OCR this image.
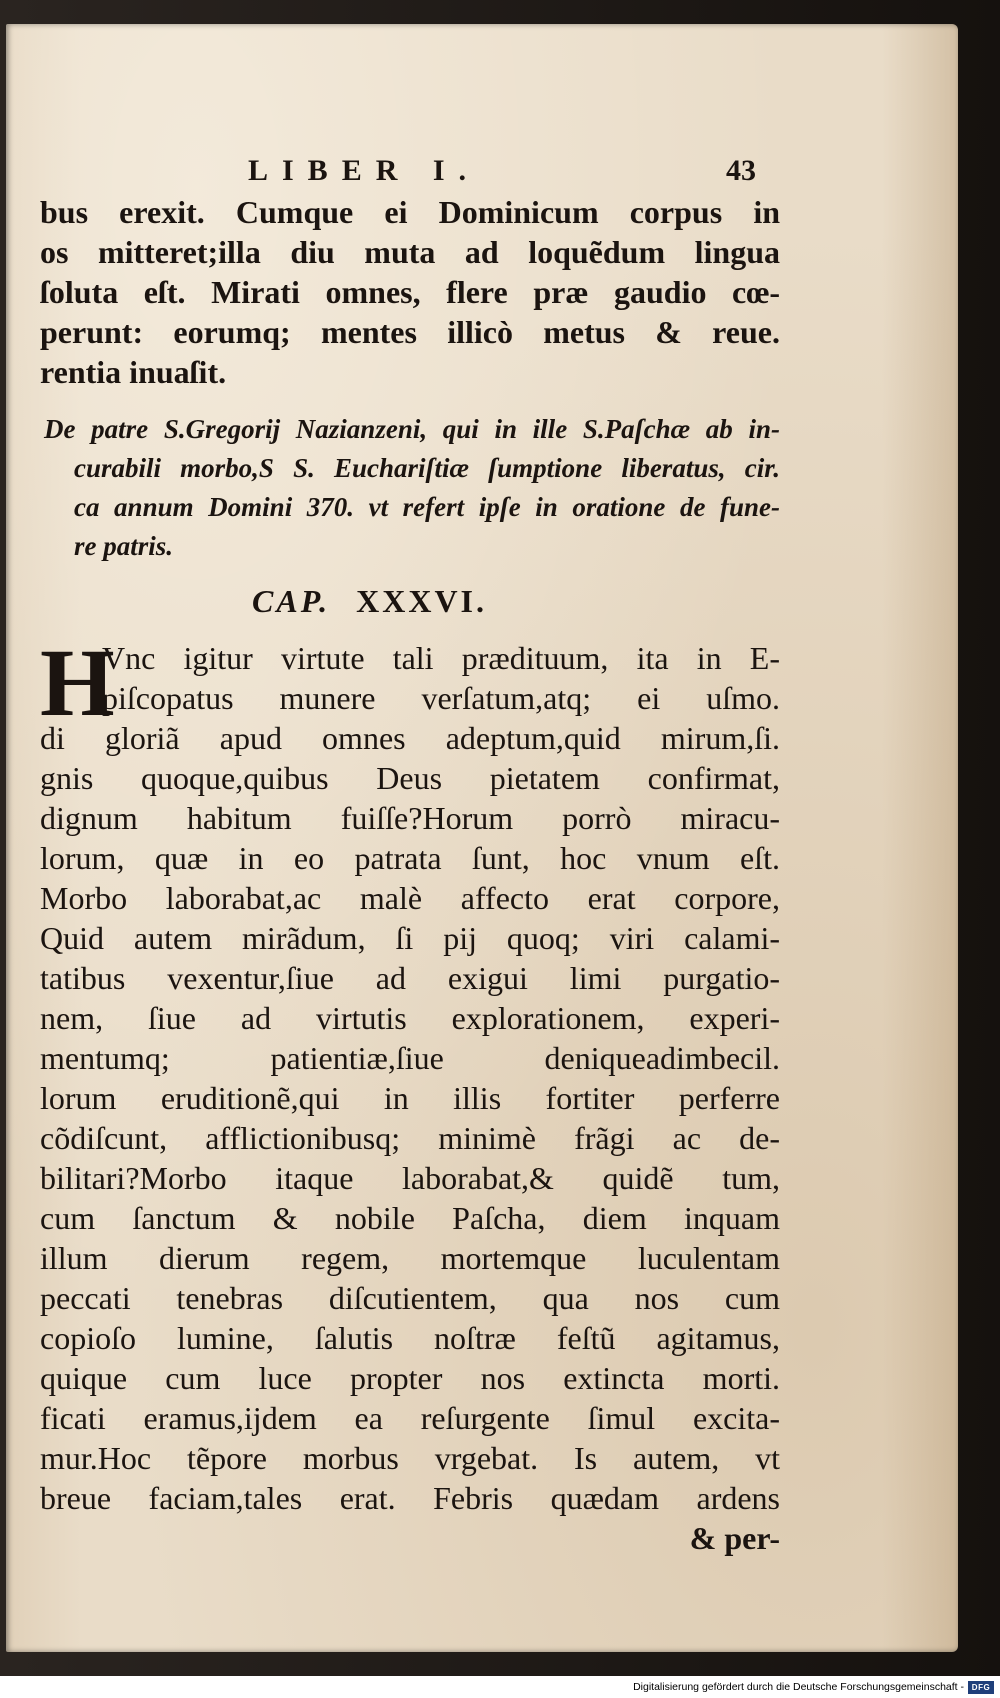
LIBER I.	43
bus erexit. Cumque ei Dominicum corpus in
os mitteret;illa diu muta ad loquẽdum lingua
ſoluta eſt. Mirati omnes, flere præ gaudio cœ-
perunt: eorumq; mentes illicò metus & reue.
rentia inuaſit.
De patre S.Gregorij Nazianzeni, qui in ille S.Paſchæ ab in-
curabili morbo,S S. Euchariſtiæ ſumptione liberatus, cir.
ca annum Domini 370. vt refert ipſe in oratione de fune-
re patris.
CAP. XXXVI.
H
Vnc igitur virtute tali prædituum, ita in E-
piſcopatus munere verſatum,atq; ei uſmo.
di gloriã apud omnes adeptum,quid mirum,ſi.
gnis quoque,quibus Deus pietatem confirmat,
dignum habitum fuiſſe?Horum porrò miracu-
lorum, quæ in eo patrata ſunt, hoc vnum eſt.
Morbo laborabat,ac malè affecto erat corpore,
Quid autem mirãdum, ſi pij quoq; viri calami-
tatibus vexentur,ſiue ad exigui limi purgatio-
nem, ſiue ad virtutis explorationem, experi-
mentumq; patientiæ,ſiue deniqueadimbecil.
lorum eruditionẽ,qui in illis fortiter perferre
cõdiſcunt, afflictionibusq; minimè frãgi ac de-
bilitari?Morbo itaque laborabat,& quidẽ tum,
cum ſanctum & nobile Paſcha, diem inquam
illum dierum regem, mortemque luculentam
peccati tenebras diſcutientem, qua nos cum
copioſo lumine, ſalutis noſtræ feſtũ agitamus,
quique cum luce propter nos extincta morti.
ficati eramus,ijdem ea reſurgente ſimul excita-
mur.Hoc tẽpore morbus vrgebat. Is autem, vt
breue faciam,tales erat. Febris quædam ardens
& per-
Digitalisierung gefördert durch die Deutsche Forschungsgemeinschaft - DFG
